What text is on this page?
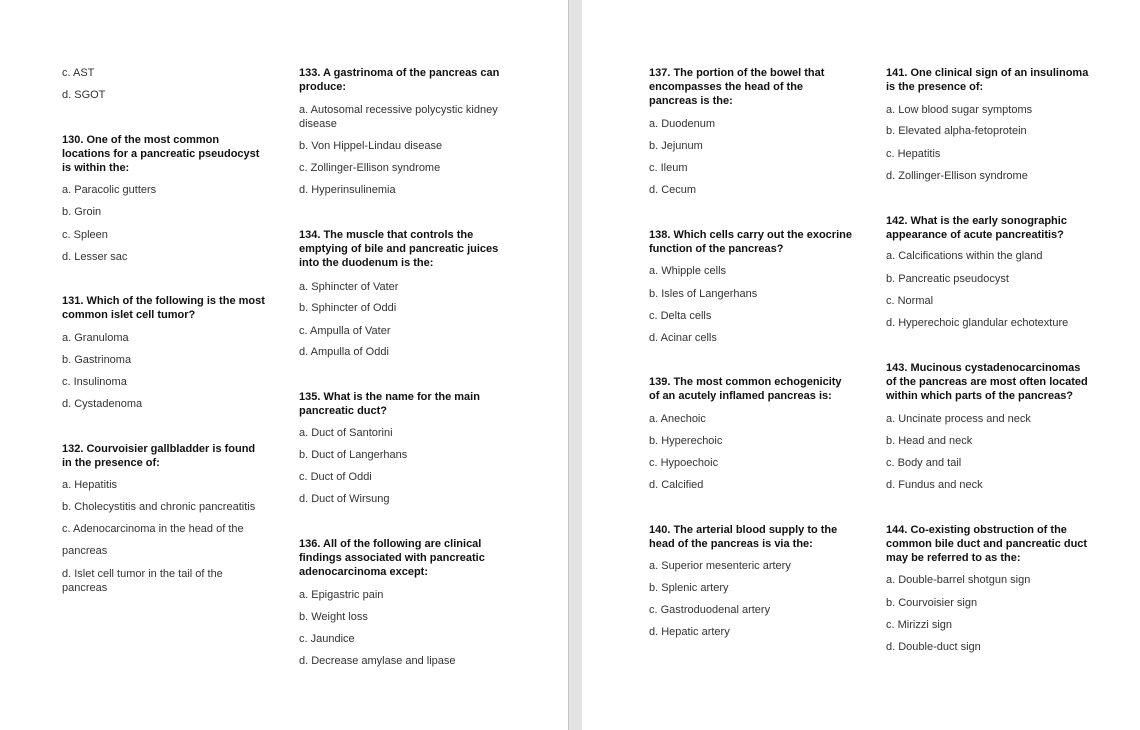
c. AST
d. SGOT
130. One of the most common locations for a pancreatic pseudocyst is within the:
a. Paracolic gutters
b. Groin
c. Spleen
d. Lesser sac
131. Which of the following is the most common islet cell tumor?
a. Granuloma
b. Gastrinoma
c. Insulinoma
d. Cystadenoma
132. Courvoisier gallbladder is found in the presence of:
a. Hepatitis
b. Cholecystitis and chronic pancreatitis
c. Adenocarcinoma in the head of the
pancreas
d. Islet cell tumor in the tail of the pancreas
133. A gastrinoma of the pancreas can produce:
a. Autosomal recessive polycystic kidney disease
b. Von Hippel-Lindau disease
c. Zollinger-Ellison syndrome
d. Hyperinsulinemia
134. The muscle that controls the emptying of bile and pancreatic juices into the duodenum is the:
a. Sphincter of Vater
b. Sphincter of Oddi
c. Ampulla of Vater
d. Ampulla of Oddi
135. What is the name for the main pancreatic duct?
a. Duct of Santorini
b. Duct of Langerhans
c. Duct of Oddi
d. Duct of Wirsung
136. All of the following are clinical findings associated with pancreatic adenocarcinoma except:
a. Epigastric pain
b. Weight loss
c. Jaundice
d. Decrease amylase and lipase
137. The portion of the bowel that encompasses the head of the pancreas is the:
a. Duodenum
b. Jejunum
c. Ileum
d. Cecum
138. Which cells carry out the exocrine function of the pancreas?
a. Whipple cells
b. Isles of Langerhans
c. Delta cells
d. Acinar cells
139. The most common echogenicity of an acutely inflamed pancreas is:
a. Anechoic
b. Hyperechoic
c. Hypoechoic
d. Calcified
140. The arterial blood supply to the head of the pancreas is via the:
a. Superior mesenteric artery
b. Splenic artery
c. Gastroduodenal artery
d. Hepatic artery
141. One clinical sign of an insulinoma is the presence of:
a. Low blood sugar symptoms
b. Elevated alpha-fetoprotein
c. Hepatitis
d. Zollinger-Ellison syndrome
142. What is the early sonographic appearance of acute pancreatitis?
a. Calcifications within the gland
b. Pancreatic pseudocyst
c. Normal
d. Hyperechoic glandular echotexture
143. Mucinous cystadenocarcinomas of the pancreas are most often located within which parts of the pancreas?
a. Uncinate process and neck
b. Head and neck
c. Body and tail
d. Fundus and neck
144. Co-existing obstruction of the common bile duct and pancreatic duct may be referred to as the:
a. Double-barrel shotgun sign
b. Courvoisier sign
c. Mirizzi sign
d. Double-duct sign
